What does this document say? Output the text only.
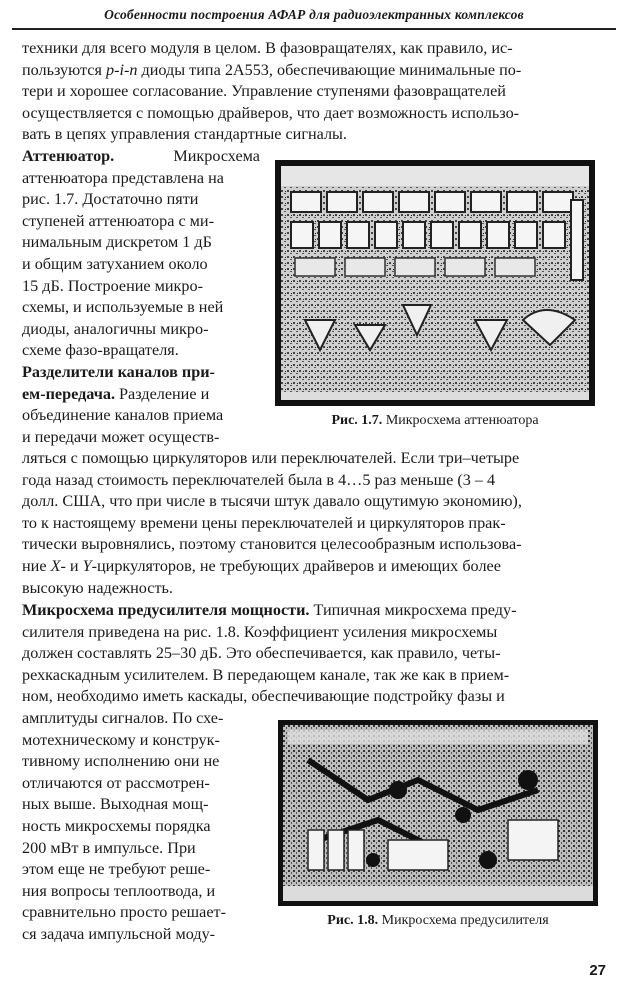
Особенности построения АФАР для радиоэлектранных комплексов
техники для всего модуля в целом. В фазовращателях, как правило, ис-
пользуются p-i-n диоды типа 2А553, обеспечивающие минимальные по-
тери и хорошее согласование. Управление ступенями фазовращателей
осуществляется с помощью драйверов, что дает возможность использо-
вать в цепях управления стандартные сигналы.
Аттенюатор.	Микросхема
аттенюатора представлена на
рис. 1.7. Достаточно пяти
ступеней аттенюатора с ми-
нимальным дискретом 1 дБ
и общим затуханием около
15 дБ. Построение микро-
схемы, и используемые в ней
диоды, аналогичны микро-
схеме фазо-вращателя.
Разделители каналов при-
ем-передача. Разделение и
объединение каналов приема
и передачи может осуществ-
Рис. 1.7. Микросхема аттенюатора
ляться с помощью циркуляторов или переключателей. Если три–четыре
года назад стоимость переключателей была в 4…5 раз меньше (3 – 4
долл. США, что при числе в тысячи штук давало ощутимую экономию),
то к настоящему времени цены переключателей и циркуляторов прак-
тически выровнялись, поэтому становится целесообразным использова-
ние X- и Y-циркуляторов, не требующих драйверов и имеющих более
высокую надежность.
Микросхема предусилителя мощности. Типичная микросхема преду-
силителя приведена на рис. 1.8. Коэффициент усиления микросхемы
должен составлять 25–30 дБ. Это обеспечивается, как правило, четы-
рехкаскадным усилителем. В передающем канале, так же как в прием-
ном, необходимо иметь каскады, обеспечивающие подстройку фазы и
амплитуды сигналов. По схе-
мотехническому и конструк-
тивному исполнению они не
отличаются от рассмотрен-
ных выше. Выходная мощ-
ность микросхемы порядка
200 мВт в импульсе. При
этом еще не требуют реше-
ния вопросы теплоотвода, и
сравнительно просто решает-
ся задача импульсной моду-
Рис. 1.8. Микросхема предусилителя
27
